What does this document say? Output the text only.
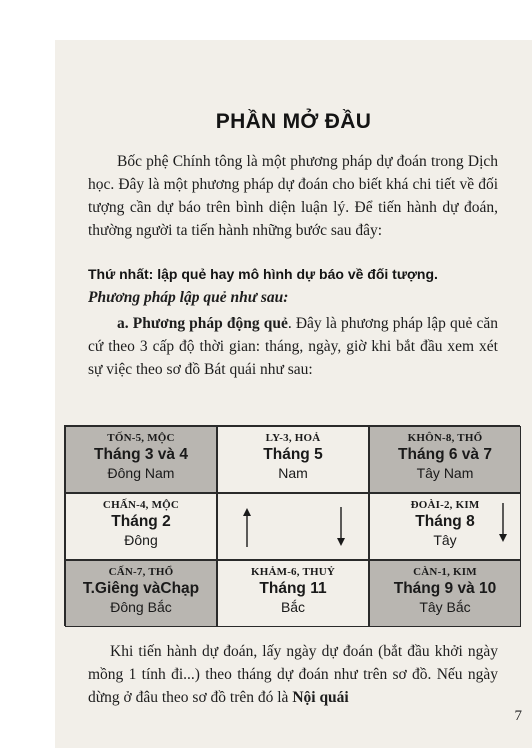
PHẦN MỞ ĐẦU
Bốc phệ Chính tông là một phương pháp dự đoán trong Dịch học. Đây là một phương pháp dự đoán cho biết khá chi tiết về đối tượng cần dự báo trên bình diện luận lý. Để tiến hành dự đoán, thường người ta tiến hành những bước sau đây:
Thứ nhất: lập quẻ hay mô hình dự báo về đối tượng.
Phương pháp lập quẻ như sau:
a. Phương pháp động quẻ. Đây là phương pháp lập quẻ căn cứ theo 3 cấp độ thời gian: tháng, ngày, giờ khi bắt đầu xem xét sự việc theo sơ đồ Bát quái như sau:
TỐN-5, MỘC
Tháng 3 và 4
Đông Nam
LY-3, HOẢ
Tháng 5
Nam
KHÔN-8, THỔ
Tháng 6 và 7
Tây Nam
CHẤN-4, MỘC
Tháng 2
Đông
ĐOÀI-2, KIM
Tháng 8
Tây
CẤN-7, THỔ
T.Giêng vàChạp
Đông Bắc
KHẢM-6, THUỶ
Tháng 11
Bắc
CÀN-1, KIM
Tháng 9 và 10
Tây Bắc
Khi tiến hành dự đoán, lấy ngày dự đoán (bắt đầu khởi ngày mồng 1 tính đi...) theo tháng dự đoán như trên sơ đồ. Nếu ngày dừng ở đâu theo sơ đồ trên đó là Nội quái
7
